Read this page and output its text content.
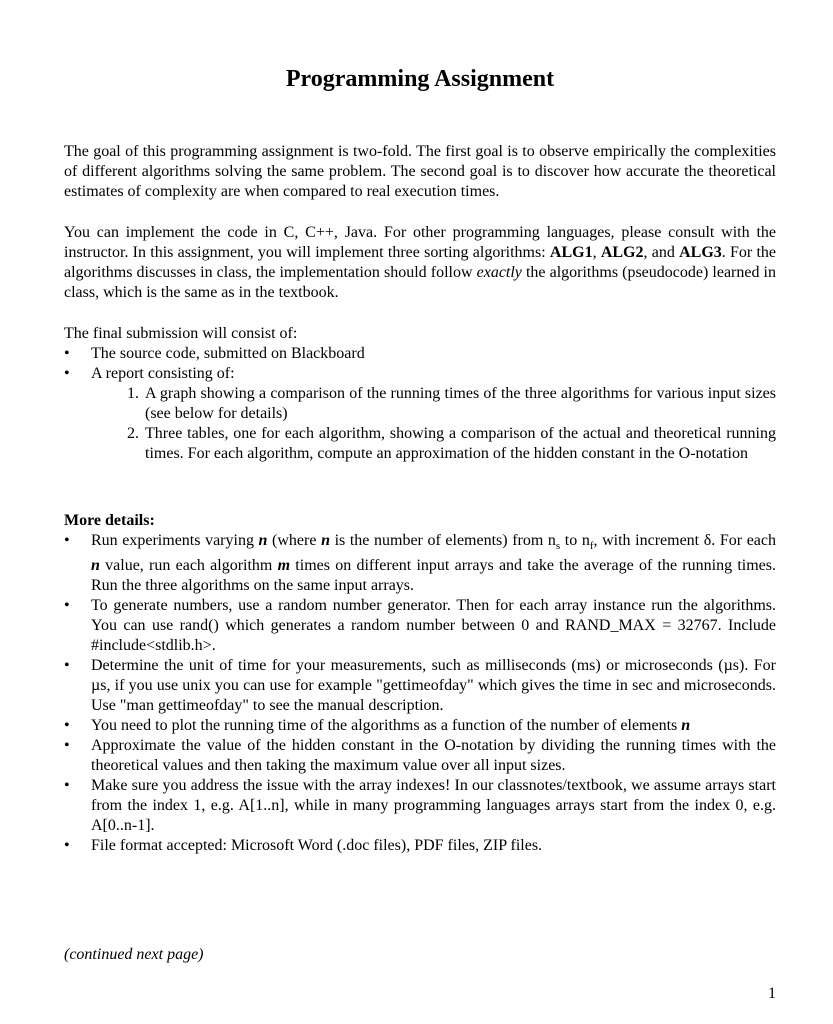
Programming Assignment

The goal of this programming assignment is two-fold. The first goal is to observe empirically the complexities of different algorithms solving the same problem. The second goal is to discover how accurate the theoretical estimates of complexity are when compared to real execution times.

You can implement the code in C, C++, Java. For other programming languages, please consult with the instructor. In this assignment, you will implement three sorting algorithms: ALG1, ALG2, and ALG3. For the algorithms discusses in class, the implementation should follow exactly the algorithms (pseudocode) learned in class, which is the same as in the textbook.

The final submission will consist of:
• The source code, submitted on Blackboard
• A report consisting of:
1. A graph showing a comparison of the running times of the three algorithms for various input sizes (see below for details)
2. Three tables, one for each algorithm, showing a comparison of the actual and theoretical running times. For each algorithm, compute an approximation of the hidden constant in the O-notation
More details:
• Run experiments varying n (where n is the number of elements) from $n_s$ to $n_f$, with increment δ. For each n value, run each algorithm m times on different input arrays and take the average of the running times. Run the three algorithms on the same input arrays.
• To generate numbers, use a random number generator. Then for each array instance run the algorithms. You can use rand() which generates a random number between 0 and RAND_MAX = 32767. Include #include<stdlib.h>.
• Determine the unit of time for your measurements, such as milliseconds (ms) or microseconds (µs). For µs, if you use unix you can use for example "gettimeofday" which gives the time in sec and microseconds. Use "man gettimeofday" to see the manual description.
• You need to plot the running time of the algorithms as a function of the number of elements n
• Approximate the value of the hidden constant in the O-notation by dividing the running times with the theoretical values and then taking the maximum value over all input sizes.
• Make sure you address the issue with the array indexes! In our classnotes/textbook, we assume arrays start from the index 1, e.g. A[1..n], while in many programming languages arrays start from the index 0, e.g. A[0..n-1].
• File format accepted: Microsoft Word (.doc files), PDF files, ZIP files.
(continued next page)
1
